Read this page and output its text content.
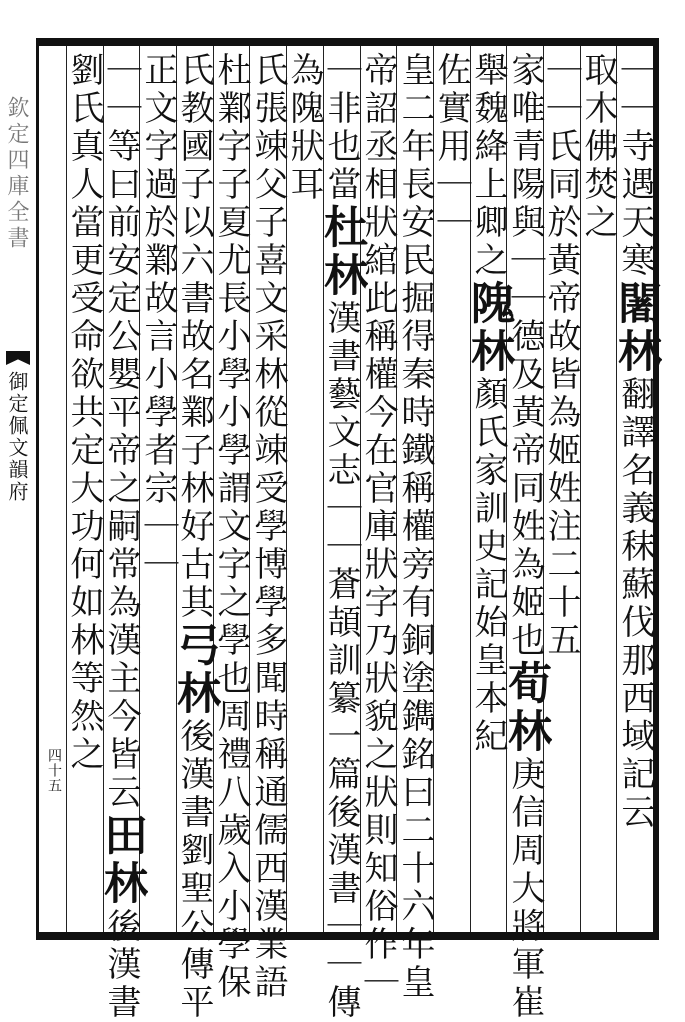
欽定四庫全書
御定佩文韻府
四十五
｜｜寺遇天寒闍林翻譯名義秣蘇伐那西域記云
取木佛焚之
｜｜氏同於黃帝故皆為姬姓注二十五
家唯青陽與｜｜德及黃帝同姓為姬也荀林庚信周大將軍崔
舉魏絳上卿之隗林顏氏家訓史記始皇本紀
佐實用｜｜
皇二年長安民掘得秦時鐵稱權旁有銅塗鐫銘曰二十六年皇
帝詔丞相狀綰此稱權今在官庫狀字乃狀貌之狀則知俗作｜
｜非也當杜林漢書藝文志｜｜蒼頡訓纂一篇後漢書｜｜傳
為隗狀耳
氏張竦父子喜文采林從竦受學博學多聞時稱通儒西漢業語
杜鄴字子夏尤長小學小學謂文字之學也周禮八歲入小學保
氏教國子以六書故名鄴子林好古其弓林後漢書劉聖公傳平
正文字過於鄴故言小學者宗｜｜
｜｜等曰前安定公嬰平帝之嗣常為漢主今皆云田林後漢書
劉氏真人當更受命欲共定大功何如林等然之
